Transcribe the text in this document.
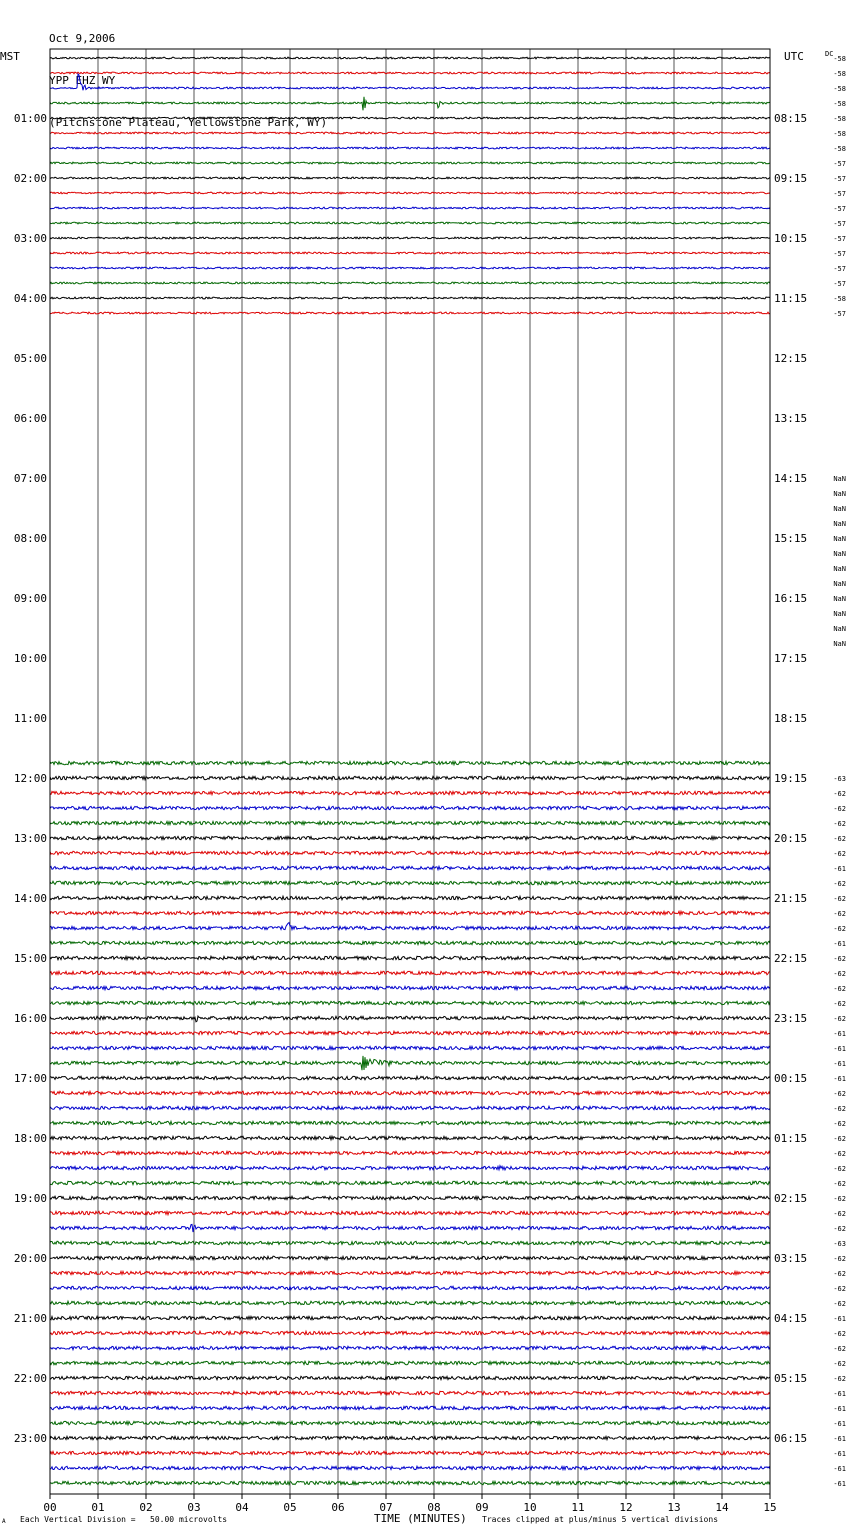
Oct 9,2006

YPP EHZ WY

(Pitchstone Plateau, Yellowstone Park, WY)

MST	UTC	DC
01:00
02:00
03:00
04:00
05:00
06:00
07:00
08:00
09:00
10:00
11:00
12:00
13:00
14:00
15:00
16:00
17:00
18:00
19:00
20:00
21:00
22:00
23:00
08:15
09:15
10:15
11:15
12:15
13:15
14:15
15:15
16:15
17:15
18:15
19:15
20:15
21:15
22:15
23:15
00:15
01:15
02:15
03:15
04:15
05:15
06:15
-58
-58
-58
-58
-58
-58
-58
-57
-57
-57
-57
-57
-57
-57
-57
-57
-58
-57
NaN
NaN
NaN
NaN
NaN
NaN
NaN
NaN
NaN
NaN
NaN
NaN
-63
-62
-62
-62
-62
-62
-61
-62
-62
-62
-62
-61
-62
-62
-62
-62
-62
-61
-61
-61
-61
-62
-62
-62
-62
-62
-62
-62
-62
-62
-62
-63
-62
-62
-62
-62
-61
-62
-62
-62
-62
-61
-61
-61
-61
-61
-61
-61
00	01	02	03	04	05	06	07	08	09	10	11	12	13	14	15
A Each Vertical Division =   50.00 microvolts	TIME (MINUTES) Traces clipped at plus/minus 5 vertical divisions
